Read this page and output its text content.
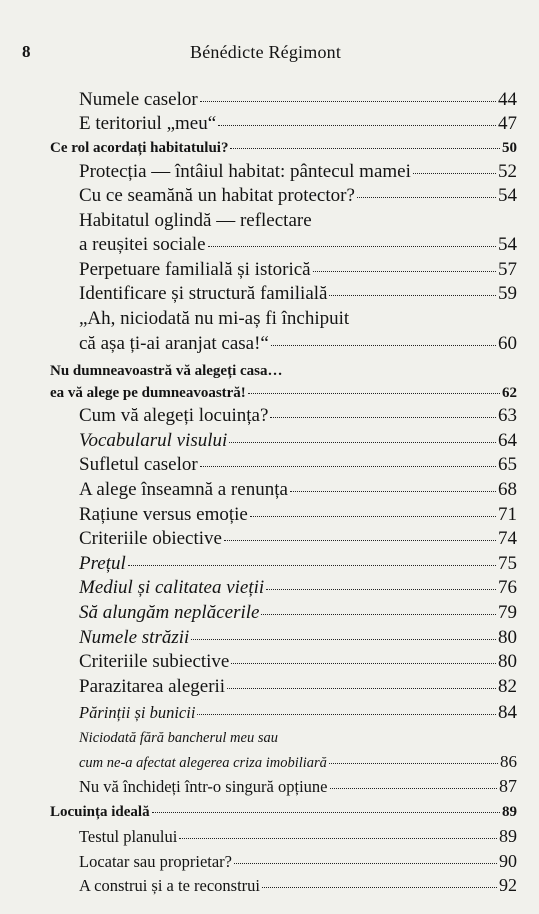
8	Bénédicte Régimont
Numele caselor	44
E teritoriul „meu“	47
Ce rol acordați habitatului?	50
Protecția — întâiul habitat: pântecul mamei	52
Cu ce seamănă un habitat protector?	54
Habitatul oglindă — reflectare
a reușitei sociale	54
Perpetuare familială și istorică	57
Identificare și structură familială	59
„Ah, niciodată nu mi-aș fi închipuit
că așa ți-ai aranjat casa!“	60
Nu dumneavoastră vă alegeți casa…
ea vă alege pe dumneavoastră!	62
Cum vă alegeți locuința?	63
Vocabularul visului	64
Sufletul caselor	65
A alege înseamnă a renunța	68
Rațiune versus emoție	71
Criteriile obiective	74
Prețul	75
Mediul și calitatea vieții	76
Să alungăm neplăcerile	79
Numele străzii	80
Criteriile subiective	80
Parazitarea alegerii	82
Părinții și bunicii	84
Niciodată fără bancherul meu sau
cum ne-a afectat alegerea criza imobiliară	86
Nu vă închideți într-o singură opțiune	87
Locuința ideală	89
Testul planului	89
Locatar sau proprietar?	90
A construi și a te reconstrui	92
